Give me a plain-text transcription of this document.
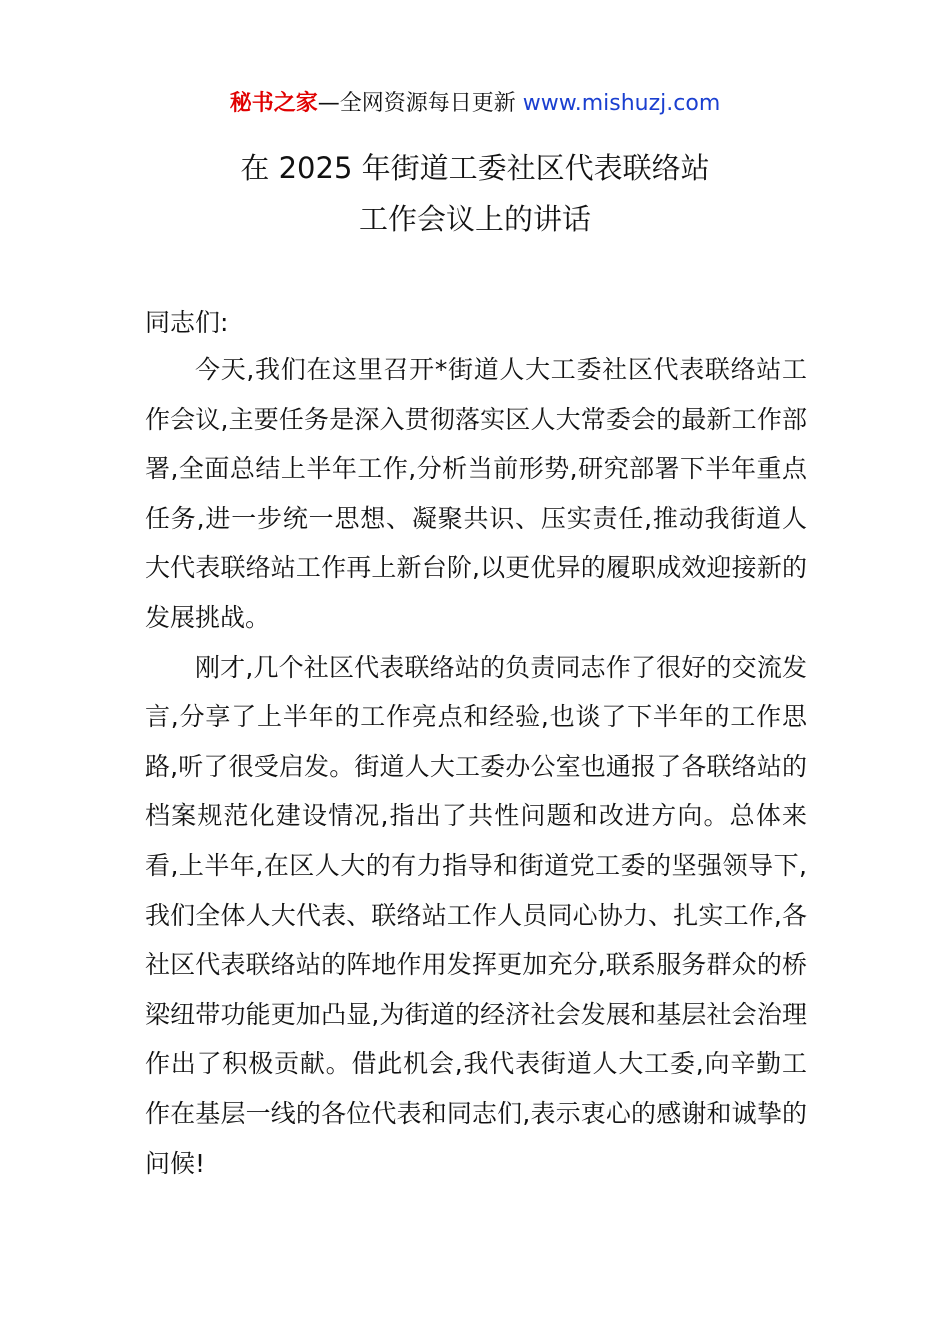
秘书之家—全网资源每日更新 www.mishuzj.com
在 2025 年街道工委社区代表联络站
工作会议上的讲话
同志们:

今天,我们在这里召开*街道人大工委社区代表联络站工作会议,主要任务是深入贯彻落实区人大常委会的最新工作部署,全面总结上半年工作,分析当前形势,研究部署下半年重点任务,进一步统一思想、凝聚共识、压实责任,推动我街道人大代表联络站工作再上新台阶,以更优异的履职成效迎接新的发展挑战。

刚才,几个社区代表联络站的负责同志作了很好的交流发言,分享了上半年的工作亮点和经验,也谈了下半年的工作思路,听了很受启发。街道人大工委办公室也通报了各联络站的档案规范化建设情况,指出了共性问题和改进方向。总体来看,上半年,在区人大的有力指导和街道党工委的坚强领导下,我们全体人大代表、联络站工作人员同心协力、扎实工作,各社区代表联络站的阵地作用发挥更加充分,联系服务群众的桥梁纽带功能更加凸显,为街道的经济社会发展和基层社会治理作出了积极贡献。借此机会,我代表街道人大工委,向辛勤工作在基层一线的各位代表和同志们,表示衷心的感谢和诚挚的问候!
